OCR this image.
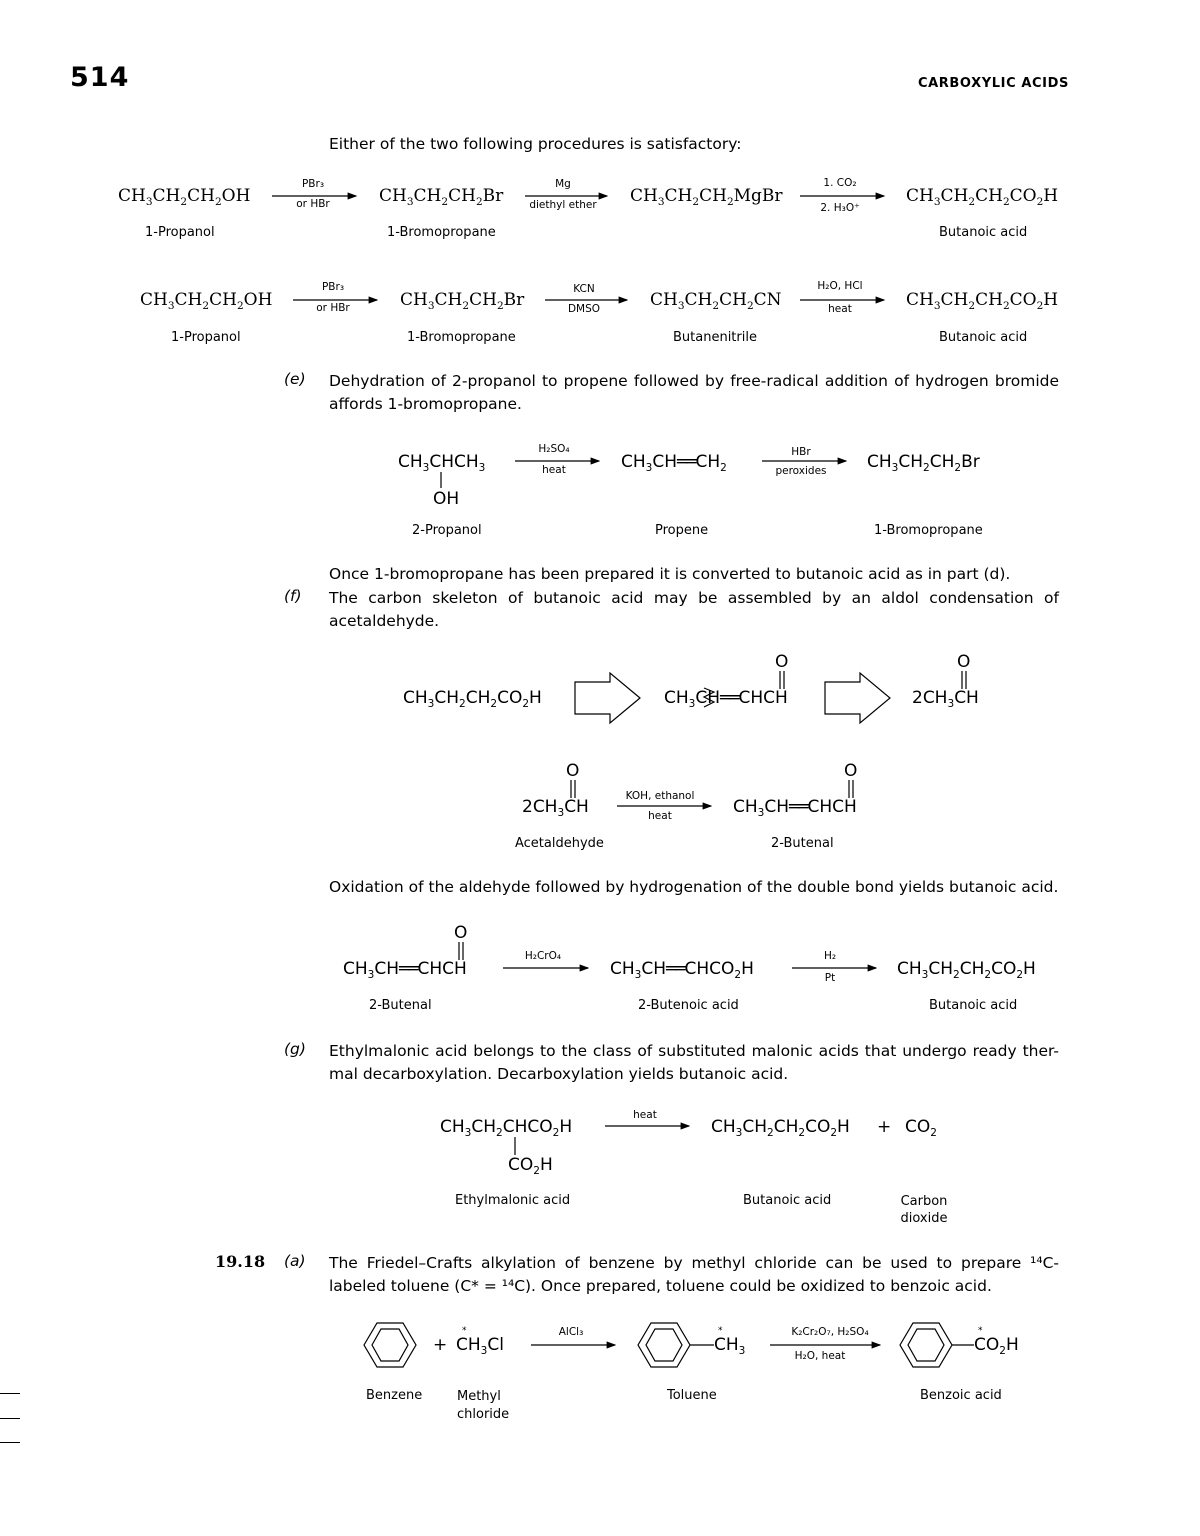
514	CARBOXYLIC ACIDS
Either of the two following procedures is satisfactory:
$CH_3CH_2CH_2OH$
PBr₃
or HBr	$CH_3CH_2CH_2Br$
Mg
diethyl ether	$CH_3CH_2CH_2MgBr$
1. CO₂
2. H₃O⁺
$CH_3CH_2CH_2CO_2H$
1-Propanol	1-Bromopropane	Butanoic acid
$CH_3CH_2CH_2OH$
PBr₃
or HBr	$CH_3CH_2CH_2Br$
KCN
DMSO	$CH_3CH_2CH_2CN$
H₂O, HCl
heat	$CH_3CH_2CH_2CO_2H$
1-Propanol	1-Bromopropane	Butanenitrile	Butanoic acid
(e) Dehydration of 2-propanol to propene followed by free-radical addition of hydrogen bromide affords 1-bromopropane.
$CH_3CHCH_3$
OH
H₂SO₄
heat	$CH_3CH══CH_2$
HBr
peroxides	$CH_3CH_2CH_2Br$
2-Propanol	Propene	1-Bromopropane
Once 1-bromopropane has been prepared it is converted to butanoic acid as in part (d).
(f) The carbon skeleton of butanoic acid may be assembled by an aldol condensation of acetaldehyde.
$CH_3CH_2CH_2CO_2H$	$CH_3CH══CHCH$
O
$2CH_3CH$
O
$2CH_3CH$
O
KOH, ethanol
heat	$CH_3CH══CHCH$
O
Acetaldehyde	2-Butenal
Oxidation of the aldehyde followed by hydrogenation of the double bond yields butanoic acid.
$CH_3CH══CHCH$
O
H₂CrO₄
$CH_3CH══CHCO_2H$
H₂
Pt	$CH_3CH_2CH_2CO_2H$
2-Butenal	2-Butenoic acid	Butanoic acid
(g) Ethylmalonic acid belongs to the class of substituted malonic acids that undergo ready ther-mal decarboxylation. Decarboxylation yields butanoic acid.
$CH_3CH_2CHCO_2H$
$CO_2H$
heat
$CH_3CH_2CH_2CO_2H + CO_2$
Ethylmalonic acid	Butanoic acid	Carbon dioxide
19.18 (a) The Friedel–Crafts alkylation of benzene by methyl chloride can be used to prepare ¹⁴C-labeled toluene (C* = ¹⁴C). Once prepared, toluene could be oxidized to benzoic acid.
+ $CH_3Cl$
AlCl₃
$CH_3$
K₂Cr₂O₇, H₂SO₄
H₂O, heat
$CO_2H$
Benzene	Methyl chloride
Toluene	Benzoic acid
*	*	*
